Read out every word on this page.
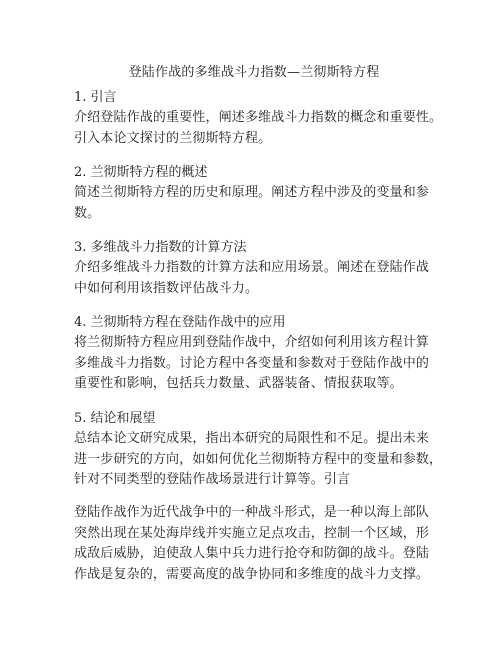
登陆作战的多维战斗力指数—兰彻斯特方程
1. 引言
介绍登陆作战的重要性，阐述多维战斗力指数的概念和重要性。
引入本论文探讨的兰彻斯特方程。
2. 兰彻斯特方程的概述
简述兰彻斯特方程的历史和原理。阐述方程中涉及的变量和参
数。
3. 多维战斗力指数的计算方法
介绍多维战斗力指数的计算方法和应用场景。阐述在登陆作战
中如何利用该指数评估战斗力。
4. 兰彻斯特方程在登陆作战中的应用
将兰彻斯特方程应用到登陆作战中，介绍如何利用该方程计算
多维战斗力指数。讨论方程中各变量和参数对于登陆作战中的
重要性和影响，包括兵力数量、武器装备、情报获取等。
5. 结论和展望
总结本论文研究成果，指出本研究的局限性和不足。提出未来
进一步研究的方向，如如何优化兰彻斯特方程中的变量和参数，
针对不同类型的登陆作战场景进行计算等。引言
登陆作战作为近代战争中的一种战斗形式，是一种以海上部队
突然出现在某处海岸线并实施立足点攻击，控制一个区域，形
成敌后威胁，迫使敌人集中兵力进行抢夺和防御的战斗。登陆
作战是复杂的，需要高度的战争协同和多维度的战斗力支撑。
